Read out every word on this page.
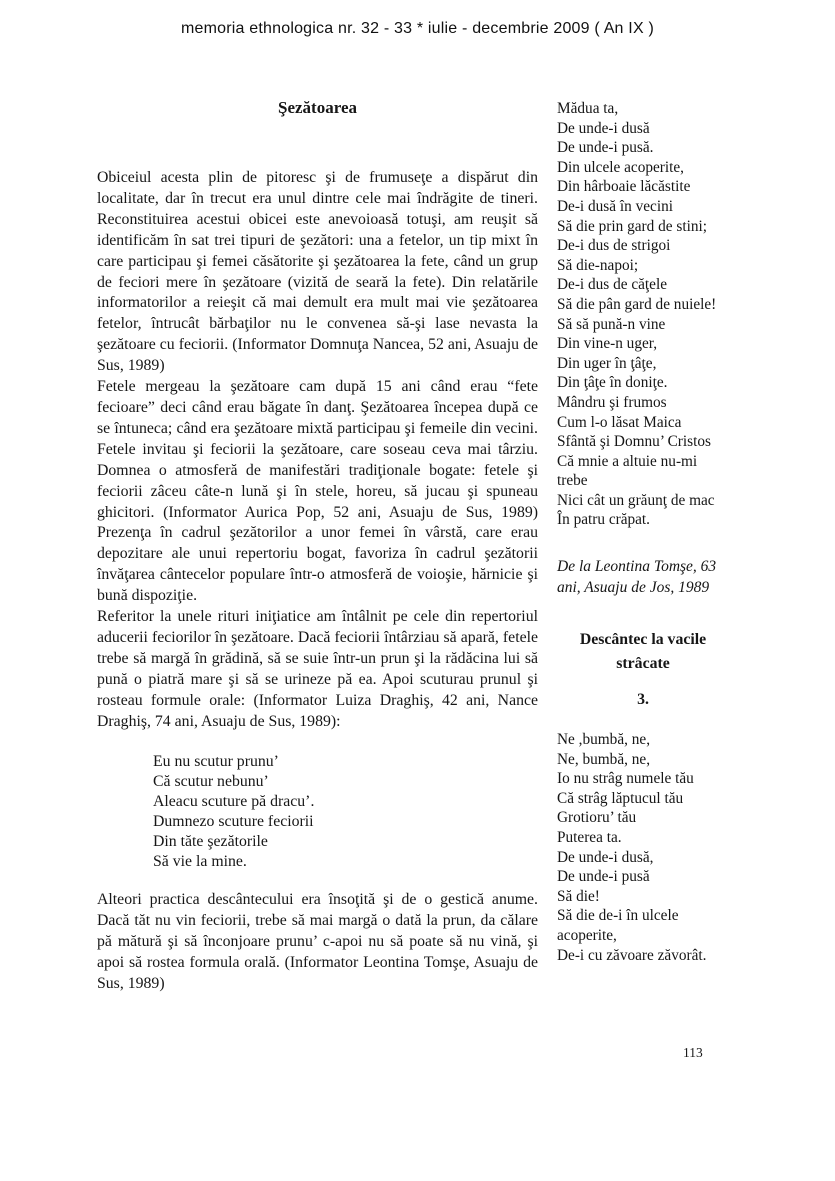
memoria ethnologica nr. 32 - 33 * iulie - decembrie 2009 ( An IX )
Şezătoarea

Obiceiul acesta plin de pitoresc şi de frumuseţe a dispărut din localitate, dar în trecut era unul dintre cele mai îndrăgite de tineri. Reconstituirea acestui obicei este anevoioasă totuşi, am reuşit să identificăm în sat trei tipuri de şezători: una a fetelor, un tip mixt în care participau şi femei căsătorite şi şezătoarea la fete, când un grup de feciori mere în şezătoare (vizită de seară la fete). Din relatările informatorilor a reieşit că mai demult era mult mai vie şezătoarea fetelor, întrucât bărbaţilor nu le convenea să-şi lase nevasta la şezătoare cu feciorii. (Informator Domnuţa Nancea, 52 ani, Asuaju de Sus, 1989)

Fetele mergeau la şezătoare cam după 15 ani când erau “fete fecioare” deci când erau băgate în danţ. Şezătoarea începea după ce se întuneca; când era şezătoare mixtă participau şi femeile din vecini. Fetele invitau şi feciorii la şezătoare, care soseau ceva mai târziu. Domnea o atmosferă de manifestări tradiţionale bogate: fetele şi feciorii zâceu câte-n lună şi în stele, horeu, să jucau şi spuneau ghicitori. (Informator Aurica Pop, 52 ani, Asuaju de Sus, 1989) Prezenţa în cadrul şezătorilor a unor femei în vârstă, care erau depozitare ale unui repertoriu bogat, favoriza în cadrul şezătorii învăţarea cântecelor populare într-o atmosferă de voioşie, hărnicie şi bună dispoziţie.

Referitor la unele rituri iniţiatice am întâlnit pe cele din repertoriul aducerii feciorilor în şezătoare. Dacă feciorii întârziau să apară, fetele trebe să margă în grădină, să se suie într-un prun şi la rădăcina lui să pună o piatră mare şi să se urineze pă ea. Apoi scuturau prunul şi rosteau formule orale: (Informator Luiza Draghiş, 42 ani, Nance Draghiş, 74 ani, Asuaju de Sus, 1989):

Eu nu scutur prunu’
Că scutur nebunu’
Aleacu scuture pă dracu’.
Dumnezo scuture feciorii
Din tăte şezătorile
Să vie la mine.

Alteori practica descântecului era însoţită şi de o gestică anume. Dacă tăt nu vin feciorii, trebe să mai margă o dată la prun, da călare pă mătură şi să înconjoare prunu’ c-apoi nu să poate să nu vină, şi apoi să rostea formula orală. (Informator Leontina Tomşe, Asuaju de Sus, 1989)

Mădua ta,
De unde-i dusă
De unde-i pusă.
Din ulcele acoperite,
Din hârboaie lăcăstite
De-i dusă în vecini
Să die prin gard de stini;
De-i dus de strigoi
Să die-napoi;
De-i dus de căţele
Să die pân gard de nuiele!
Să să pună-n vine
Din vine-n uger,
Din uger în ţâţe,
Din ţâţe în doniţe.
Mândru şi frumos
Cum l-o lăsat Maica
Sfântă şi Domnu’ Cristos
Că mnie a altuie nu-mi
trebe
Nici cât un grăunţ de mac
În patru crăpat.
De la Leontina Tomşe, 63
ani, Asuaju de Jos, 1989
Descântec la vacile
strâcate
3.
Ne ,bumbă, ne,
Ne, bumbă, ne,
Io nu strâg numele tău
Că strâg lăptucul tău
Grotioru’ tău
Puterea ta.
De unde-i dusă,
De unde-i pusă
Să die!
Să die de-i în ulcele
acoperite,
De-i cu zăvoare zăvorât.
113
